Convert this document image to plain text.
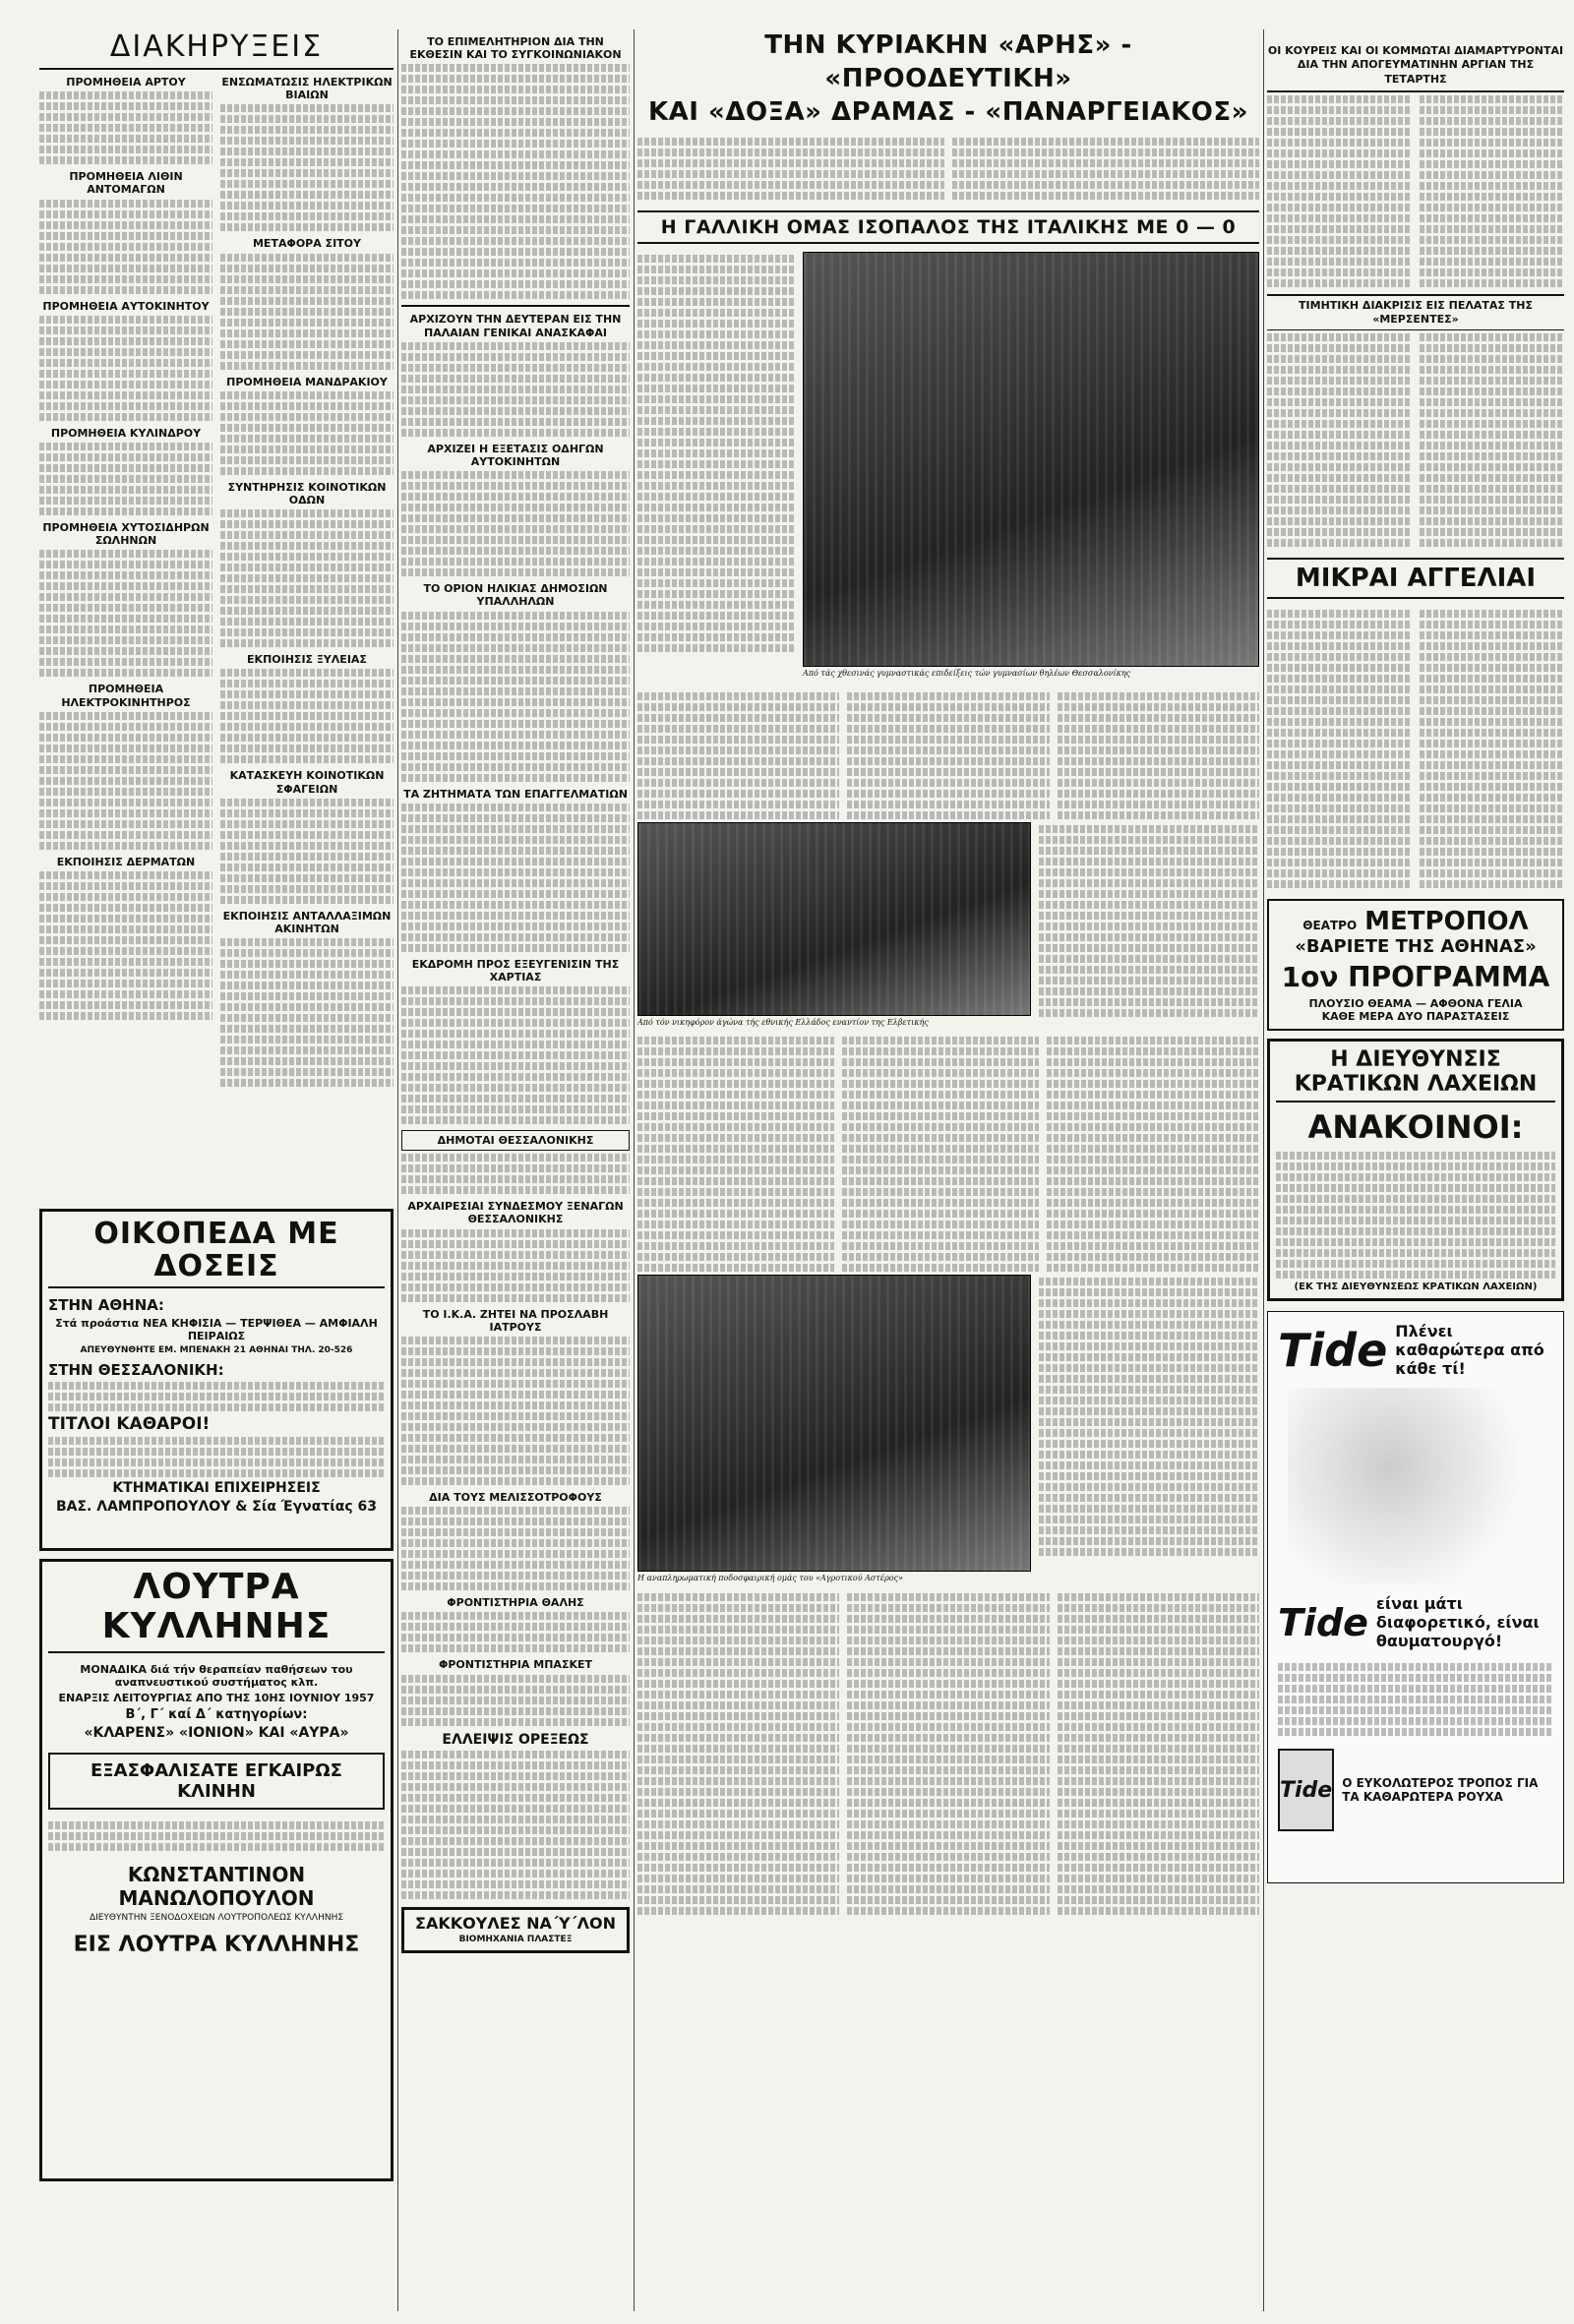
ΔΙΑΚΗΡΥΞΕΙΣ
ΠΡΟΜΗΘΕΙΑ ΑΡΤΟΥ
ΠΡΟΜΗΘΕΙΑ ΛΙΘΙΝ ΑΝΤΟΜΑΓΩΝ
ΠΡΟΜΗΘΕΙΑ ΑΥΤΟΚΙΝΗΤΟΥ
ΠΡΟΜΗΘΕΙΑ ΚΥΛΙΝΔΡΟΥ
ΠΡΟΜΗΘΕΙΑ ΧΥΤΟΣΙΔΗΡΩΝ ΣΩΛΗΝΩΝ
ΠΡΟΜΗΘΕΙΑ ΗΛΕΚΤΡΟΚΙΝΗΤΗΡΟΣ
ΕΚΠΟΙΗΣΙΣ ΔΕΡΜΑΤΩΝ
ΕΝΣΩΜΑΤΩΣΙΣ ΗΛΕΚΤΡΙΚΩΝ ΒΙΑΙΩΝ
ΜΕΤΑΦΟΡΑ ΣΙΤΟΥ
ΠΡΟΜΗΘΕΙΑ ΜΑΝΔΡΑΚΙΟΥ
ΣΥΝΤΗΡΗΣΙΣ ΚΟΙΝΟΤΙΚΩΝ ΟΔΩΝ
ΕΚΠΟΙΗΣΙΣ ΞΥΛΕΙΑΣ
ΚΑΤΑΣΚΕΥΗ ΚΟΙΝΟΤΙΚΩΝ ΣΦΑΓΕΙΩΝ
ΕΚΠΟΙΗΣΙΣ ΑΝΤΑΛΛΑΞΙΜΩΝ ΑΚΙΝΗΤΩΝ
ΟΙΚΟΠΕΔΑ ΜΕ ΔΟΣΕΙΣ
ΣΤΗΝ ΑΘΗΝΑ:
Στά προάστια ΝΕΑ ΚΗΦΙΣΙΑ — ΤΕΡΨΙΘΕΑ — ΑΜΦΙΑΛΗ ΠΕΙΡΑΙΩΣ
ΑΠΕΥΘΥΝΘΗΤΕ ΕΜ. ΜΠΕΝΑΚΗ 21 ΑΘΗΝΑΙ ΤΗΛ. 20-526
ΣΤΗΝ ΘΕΣΣΑΛΟΝΙΚΗ:
ΤΙΤΛΟΙ ΚΑΘΑΡΟΙ!
ΚΤΗΜΑΤΙΚΑΙ ΕΠΙΧΕΙΡΗΣΕΙΣ
ΒΑΣ. ΛΑΜΠΡΟΠΟΥΛΟΥ & Σία Έγνατίας 63
ΛΟΥΤΡΑ ΚΥΛΛΗΝΗΣ
ΜΟΝΑΔΙΚΑ διά τήν θεραπείαν παθήσεων του αναπνευστικού συστήματος κλπ.
ΕΝΑΡΞΙΣ ΛΕΙΤΟΥΡΓΙΑΣ ΑΠΟ ΤΗΣ 10ΗΣ ΙΟΥΝΙΟΥ 1957
Β΄, Γ΄ καί Δ΄ κατηγορίων:
«ΚΛΑΡΕΝΣ» «ΙΟΝΙΟΝ» ΚΑΙ «ΑΥΡΑ»
ΕΞΑΣΦΑΛΙΣΑΤΕ ΕΓΚΑΙΡΩΣ ΚΛΙΝΗΝ
ΚΩΝΣΤΑΝΤΙΝΟΝ ΜΑΝΩΛΟΠΟΥΛΟΝ
ΔΙΕΥΘΥΝΤΗΝ ΞΕΝΟΔΟΧΕΙΩΝ ΛΟΥΤΡΟΠΟΛΕΩΣ ΚΥΛΛΗΝΗΣ
ΕΙΣ ΛΟΥΤΡΑ ΚΥΛΛΗΝΗΣ
ΤΟ ΕΠΙΜΕΛΗΤΗΡΙΟΝ ΔΙΑ ΤΗΝ ΕΚΘΕΣΙΝ ΚΑΙ ΤΟ ΣΥΓΚΟΙΝΩΝΙΑΚΟΝ
ΑΡΧΙΖΟΥΝ ΤΗΝ ΔΕΥΤΕΡΑΝ ΕΙΣ ΤΗΝ ΠΑΛΑΙΑΝ ΓΕΝΙΚΑΙ ΑΝΑΣΚΑΦΑΙ
ΑΡΧΙΖΕΙ Η ΕΞΕΤΑΣΙΣ ΟΔΗΓΩΝ ΑΥΤΟΚΙΝΗΤΩΝ
ΤΟ ΟΡΙΟΝ ΗΛΙΚΙΑΣ ΔΗΜΟΣΙΩΝ ΥΠΑΛΛΗΛΩΝ
ΤΑ ΖΗΤΗΜΑΤΑ ΤΩΝ ΕΠΑΓΓΕΛΜΑΤΙΩΝ
ΕΚΔΡΟΜΗ ΠΡΟΣ ΕΞΕΥΓΕΝΙΣΙΝ ΤΗΣ ΧΑΡΤΙΑΣ
ΔΗΜΟΤΑΙ ΘΕΣΣΑΛΟΝΙΚΗΣ
ΑΡΧΑΙΡΕΣΙΑΙ ΣΥΝΔΕΣΜΟΥ ΞΕΝΑΓΩΝ ΘΕΣΣΑΛΟΝΙΚΗΣ
ΤΟ Ι.Κ.Α. ΖΗΤΕΙ ΝΑ ΠΡΟΣΛΑΒΗ ΙΑΤΡΟΥΣ
ΔΙΑ ΤΟΥΣ ΜΕΛΙΣΣΟΤΡΟΦΟΥΣ
ΦΡΟΝΤΙΣΤΗΡΙΑ ΘΑΛΗΣ
ΦΡΟΝΤΙΣΤΗΡΙΑ ΜΠΑΣΚΕΤ
ΕΛΛΕΙΨΙΣ ΟΡΕΞΕΩΣ
ΣΑΚΚΟΥΛΕΣ ΝΑ΄Υ΄ΛΟΝ
ΒΙΟΜΗΧΑΝΙΑ ΠΛΑΣΤΕΞ
ΤΗΝ ΚΥΡΙΑΚΗΝ «ΑΡΗΣ» - «ΠΡΟΟΔΕΥΤΙΚΗ»
ΚΑΙ «ΔΟΞΑ» ΔΡΑΜΑΣ - «ΠΑΝΑΡΓΕΙΑΚΟΣ»
Η ΓΑΛΛΙΚΗ ΟΜΑΣ ΙΣΟΠΑΛΟΣ ΤΗΣ ΙΤΑΛΙΚΗΣ ΜΕ 0 — 0
Από τάς χθεσινάς γυμναστικάς επιδείξεις τών γυμνασίων θηλέων Θεσσαλονίκης
Από τόν νικηφόρον άγώνα τής εθνικής Ελλάδος εναντίον της Ελβετικής
Η αναπληρωματική ποδοσφαιρική ομάς του «Αγροτικού Αστέρος»
ΟΙ ΚΟΥΡΕΙΣ ΚΑΙ ΟΙ ΚΟΜΜΩΤΑΙ ΔΙΑΜΑΡΤΥΡΟΝΤΑΙ ΔΙΑ ΤΗΝ ΑΠΟΓΕΥΜΑΤΙΝΗΝ ΑΡΓΙΑΝ ΤΗΣ ΤΕΤΑΡΤΗΣ
ΤΙΜΗΤΙΚΗ ΔΙΑΚΡΙΣΙΣ ΕΙΣ ΠΕΛΑΤΑΣ ΤΗΣ «ΜΕΡΣΕΝΤΕΣ»
ΜΙΚΡΑΙ ΑΓΓΕΛΙΑΙ
ΘΕΑΤΡΟ ΜΕΤΡΟΠΟΛ
«ΒΑΡΙΕΤΕ ΤΗΣ ΑΘΗΝΑΣ»
1ον ΠΡΟΓΡΑΜΜΑ
ΠΛΟΥΣΙΟ ΘΕΑΜΑ — ΑΦΘΟΝΑ ΓΕΛΙΑ
ΚΑΘΕ ΜΕΡΑ ΔΥΟ ΠΑΡΑΣΤΑΣΕΙΣ
Η ΔΙΕΥΘΥΝΣΙΣ ΚΡΑΤΙΚΩΝ ΛΑΧΕΙΩΝ
ΑΝΑΚΟΙΝΟΙ:
(ΕΚ ΤΗΣ ΔΙΕΥΘΥΝΣΕΩΣ ΚΡΑΤΙΚΩΝ ΛΑΧΕΙΩΝ)
Tide Πλένει καθαρώτερα από κάθε τί!
Tide είναι μάτι διαφορετικό, είναι θαυματουργό!
Tide Ο ΕΥΚΟΛΩΤΕΡΟΣ ΤΡΟΠΟΣ ΓΙΑ ΤΑ ΚΑΘΑΡΩΤΕΡΑ ΡΟΥΧΑ
